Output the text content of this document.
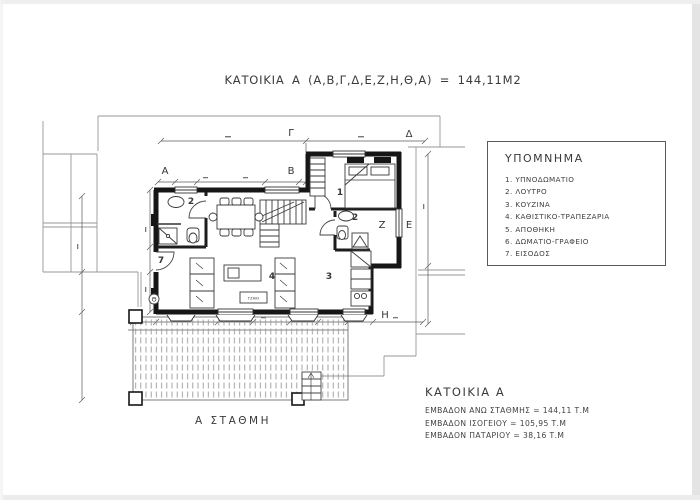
ΚΑΤΟΙΚΙΑ Α (Α,Β,Γ,Δ,Ε,Ζ,Η,Θ,Α) = 144,11Μ2
ΥΠΟΜΝΗΜΑ
1. ΥΠΝΟΔΩΜΑΤΙΟ
2. ΛΟΥΤΡΟ
3. ΚΟΥΖΙΝΑ
4. ΚΑΘΙΣΤΙΚΟ-ΤΡΑΠΕΖΑΡΙΑ
5. ΑΠΟΘΗΚΗ
6. ΔΩΜΑΤΙΟ-ΓΡΑΦΕΙΟ
7. ΕΙΣΟΔΟΣ
ΚΑΤΟΙΚΙΑ Α
ΕΜΒΑΔΟΝ ΑΝΩ ΣΤΑΘΜΗΣ = 144,11 Τ.Μ
ΕΜΒΑΔΟΝ ΙΣΟΓΕΙΟΥ = 105,95 Τ.Μ
ΕΜΒΑΔΟΝ ΠΑΤΑΡΙΟΥ = 38,16 Τ.Μ
Α ΣΤΑΘΜΗ
ΤΖΑΚΙ
1
2
2
3
4
7
Α	Β
Γ	Δ
Ε
Ζ
Η
Θ
